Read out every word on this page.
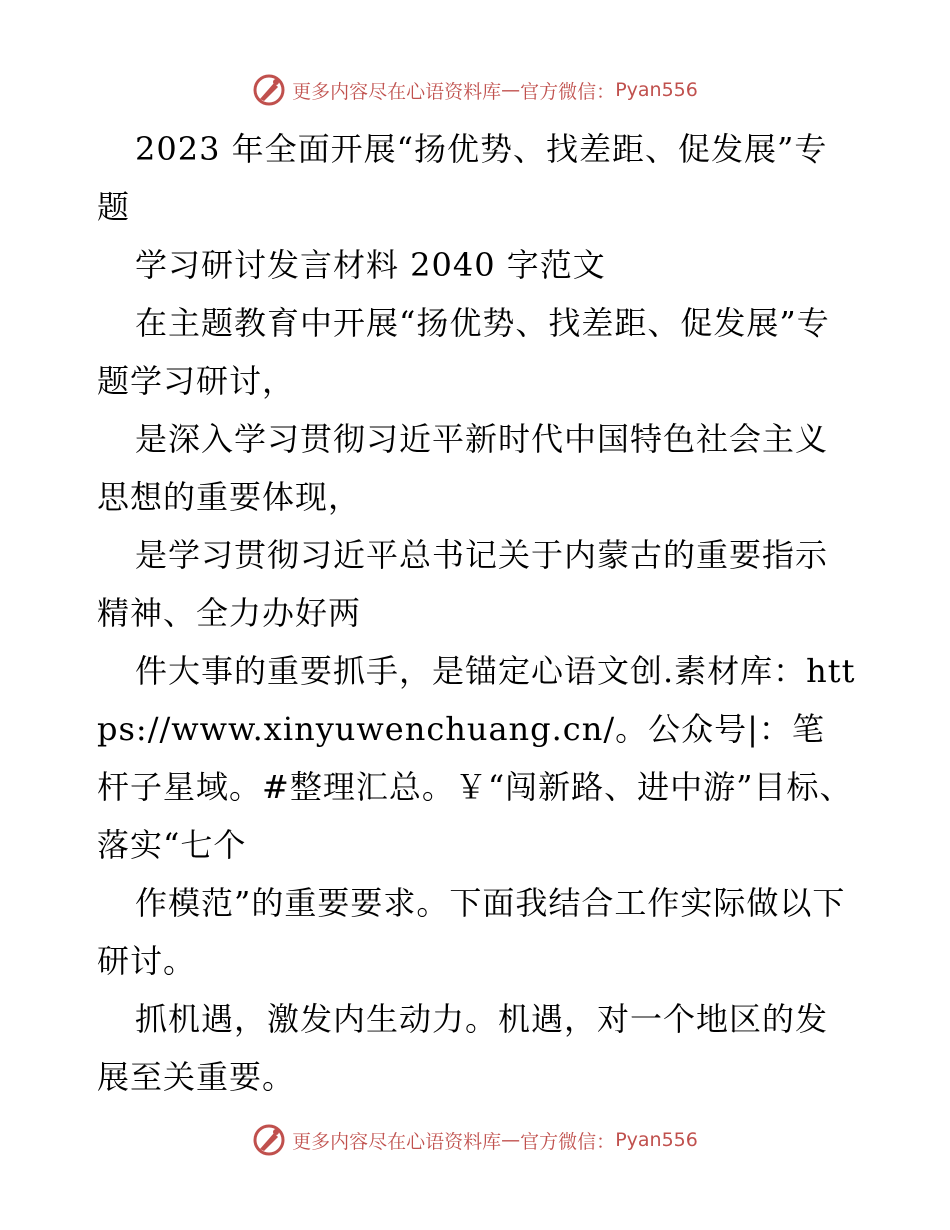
更多内容尽在心语资料库 — 官方微信： Pyan556

2023 年全面开展“扬优势、找差距、促发展”专题

学习研讨发言材料 2040 字范文

在主题教育中开展“扬优势、找差距、促发展”专题学习研讨，

是深入学习贯彻习近平新时代中国特色社会主义思想的重要体现，

是学习贯彻习近平总书记关于内蒙古的重要指示精神、全力办好两

件大事的重要抓手，是锚定心语文创.素材库：https://www.xinyuwenchuang.cn/。公众号|：笔杆子星域。#整理汇总。￥“闯新路、进中游”目标、落实“七个

作模范”的重要要求。下面我结合工作实际做以下研讨。

抓机遇，激发内生动力。机遇，对一个地区的发展至关重要。

更多内容尽在心语资料库 — 官方微信： Pyan556
